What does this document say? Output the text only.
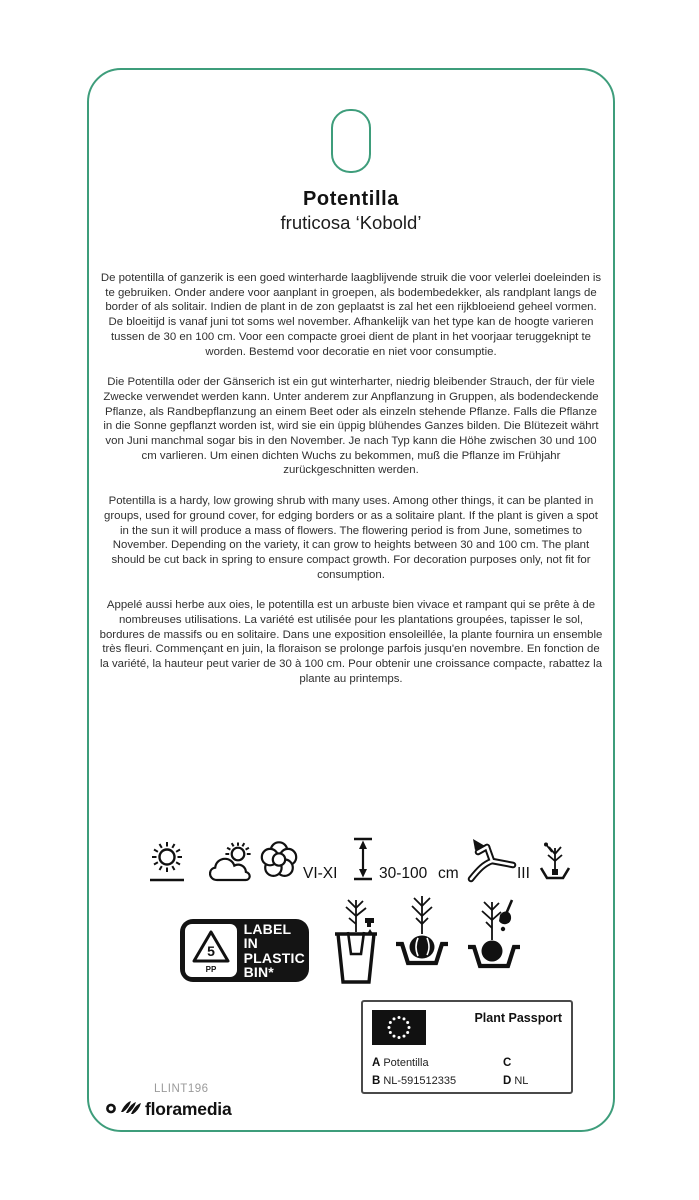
Potentilla
fruticosa ‘Kobold’

De potentilla of ganzerik is een goed winterharde laagblijvende struik die voor velerlei doeleinden is te gebruiken. Onder andere voor aanplant in groepen, als bodembedekker, als randplant langs de border of als solitair. Indien de plant in de zon geplaatst is zal het een rijkbloeiend geheel vormen. De bloeitijd is vanaf juni tot soms wel november. Afhankelijk van het type kan de hoogte varieren tussen de 30 en 100 cm. Voor een compacte groei dient de plant in het voorjaar teruggeknipt te worden. Bestemd voor decoratie en niet voor consumptie.

Die Potentilla oder der Gänserich ist ein gut winterharter, niedrig bleibender Strauch, der für viele Zwecke verwendet werden kann. Unter anderem zur Anpflanzung in Gruppen, als bodendeckende Pflanze, als Randbepflanzung an einem Beet oder als einzeln stehende Pflanze. Falls die Pflanze in die Sonne gepflanzt worden ist, wird sie ein üppig blühendes Ganzes bilden. Die Blütezeit währt von Juni manchmal sogar bis in den November. Je nach Typ kann die Höhe zwischen 30 und 100 cm varlieren. Um einen dichten Wuchs zu bekommen, muß die Pflanze im Frühjahr zurückgeschnitten werden.

Potentilla is a hardy, low growing shrub with many uses. Among other things, it can be planted in groups, used for ground cover, for edging borders or as a solitaire plant. If the plant is given a spot in the sun it will produce a mass of flowers. The flowering period is from June, sometimes to November. Depending on the variety, it can grow to heights between 30 and 100 cm. The plant should be cut back in spring to ensure compact growth. For decoration purposes only, not fit for consumption.

Appelé aussi herbe aux oies, le potentilla est un arbuste bien vivace et rampant qui se prête à de nombreuses utilisations. La variété est utilisée pour les plantations groupées, tapisser le sol, bordures de massifs ou en solitaire. Dans une exposition ensoleillée, la plante fournira un ensemble très fleuri. Commençant en juin, la floraison se prolonge parfois jusqu'en novembre. En fonction de la variété, la hauteur peut varier de 30 à 100 cm. Pour obtenir une croissance compacte, rabattez la plante au printemps.

VI-XI	30-100 cm	III
5
PP
LABEL IN
PLASTIC
BIN*
Plant Passport
A Potentilla
B NL-591512335
C
D NL
LLINT196
floramedia
